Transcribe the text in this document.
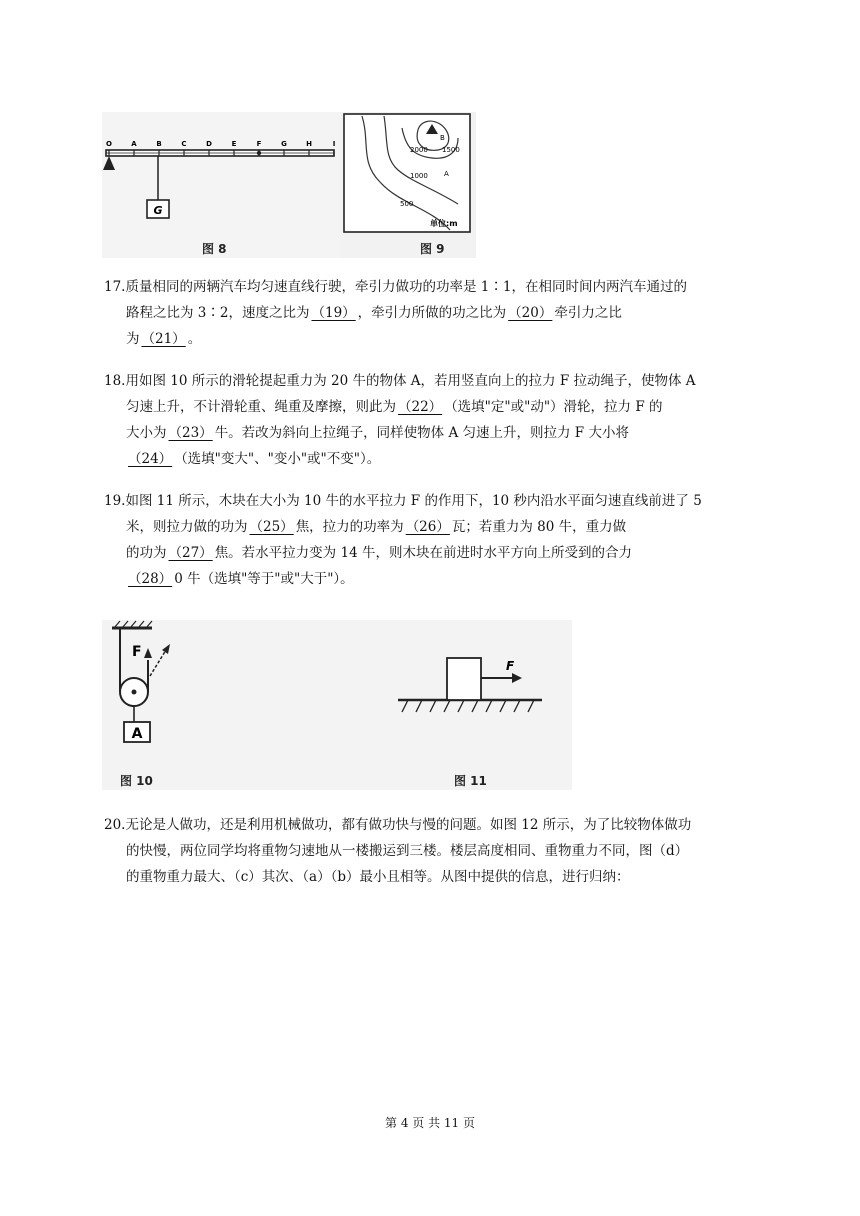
O	A	B	C	D	E	F	G	H	I
G
图 8
B
2000 1500
1000 A
500
单位:m
图 9
17.质量相同的两辆汽车均匀速直线行驶，牵引力做功的功率是 1∶1，在相同时间内两汽车通过的
路程之比为 3∶2，速度之比为 （19） ，牵引力所做的功之比为 （20） 牵引力之比
为 （21） 。
18.用如图 10 所示的滑轮提起重力为 20 牛的物体 A，若用竖直向上的拉力 F 拉动绳子，使物体 A
匀速上升，不计滑轮重、绳重及摩擦，则此为 （22） （选填"定"或"动"）滑轮，拉力 F 的
大小为 （23） 牛。若改为斜向上拉绳子，同样使物体 A 匀速上升，则拉力 F 大小将
（24） （选填"变大"、"变小"或"不变"）。
19.如图 11 所示，木块在大小为 10 牛的水平拉力 F 的作用下，10 秒内沿水平面匀速直线前进了 5
米，则拉力做的功为 （25） 焦，拉力的功率为 （26） 瓦；若重力为 80 牛，重力做
的功为 （27） 焦。若水平拉力变为 14 牛，则木块在前进时水平方向上所受到的合力
（28） 0 牛（选填"等于"或"大于"）。
F
A
F
图 10	图 11
20.无论是人做功，还是利用机械做功，都有做功快与慢的问题。如图 12 所示，为了比较物体做功
的快慢，两位同学均将重物匀速地从一楼搬运到三楼。楼层高度相同、重物重力不同，图（d）
的重物重力最大、（c）其次、（a）（b）最小且相等。从图中提供的信息，进行归纳：
第 4 页 共 11 页
